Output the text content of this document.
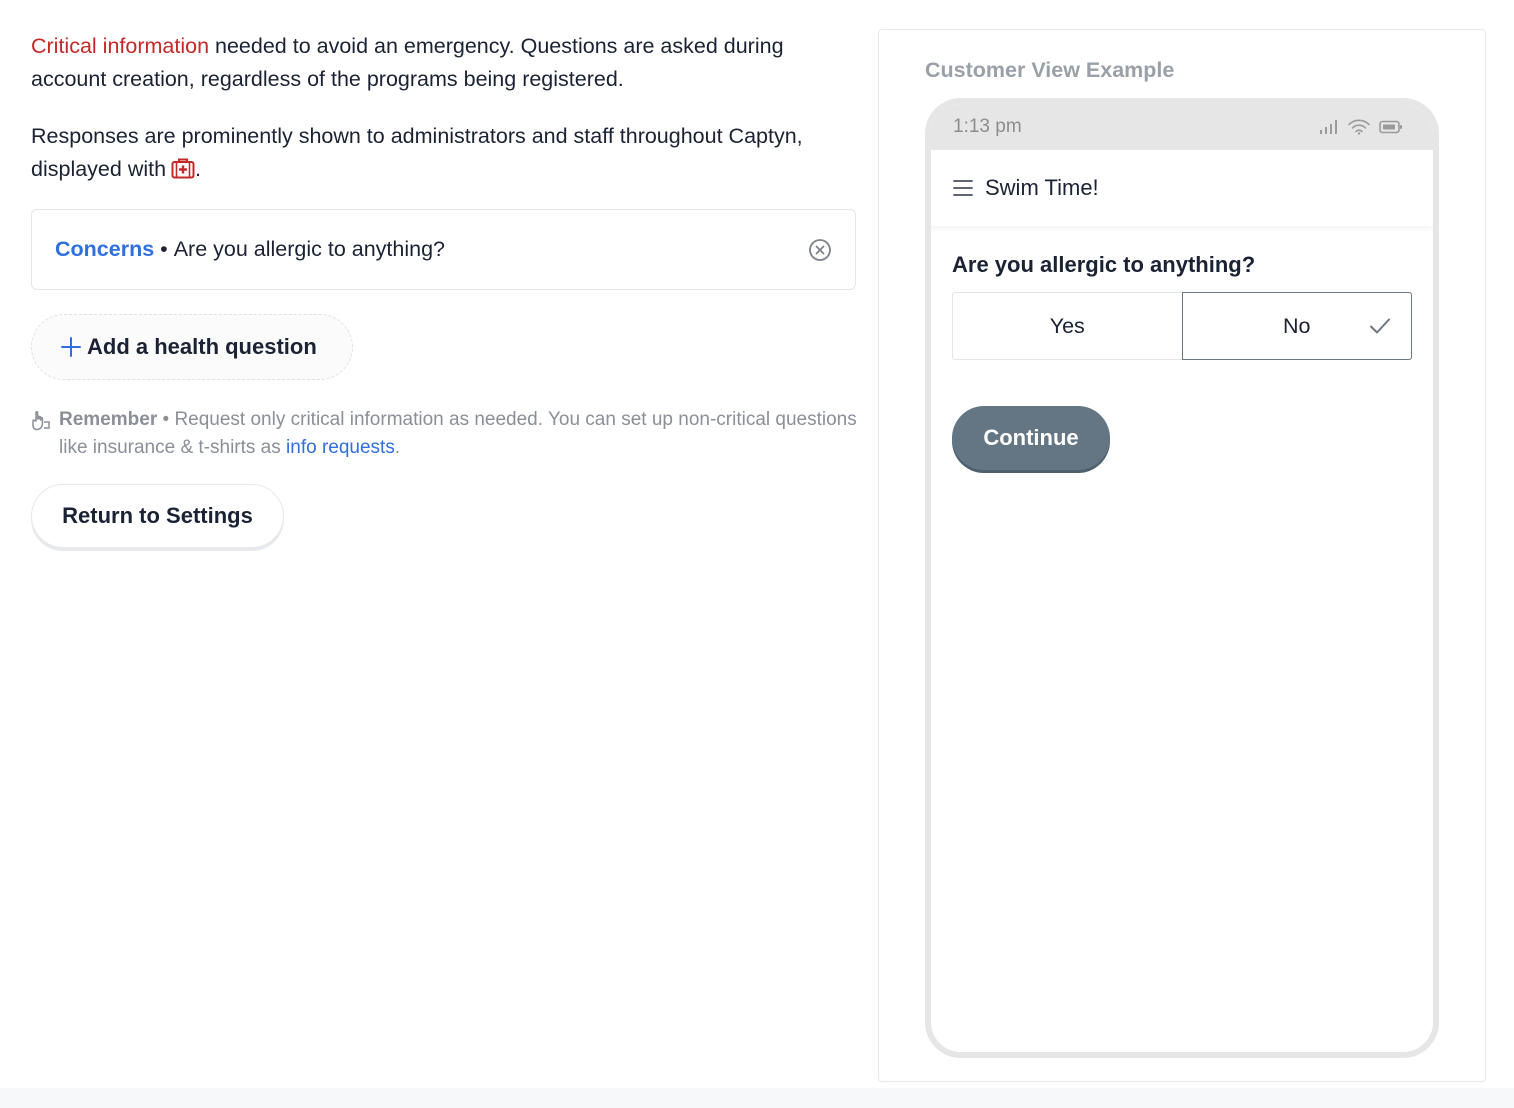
Critical information needed to avoid an emergency. Questions are asked during account creation, regardless of the programs being registered.

Responses are prominently shown to administrators and staff throughout Captyn, displayed with .

Concerns • Are you allergic to anything?
Add a health question
Remember • Request only critical information as needed. You can set up non-critical questions like insurance & t-shirts as info requests.
Return to Settings
Customer View Example
1:13 pm
Swim Time!
Are you allergic to anything?
Yes	No
Continue
